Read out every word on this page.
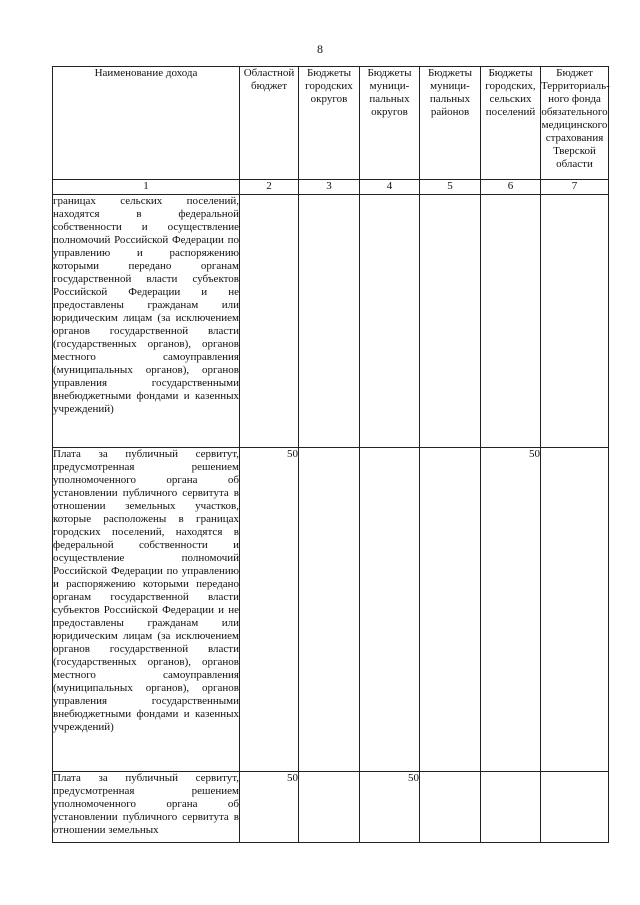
8
Наименование дохода	Областной бюджет	Бюджеты городских округов	Бюджеты муници-пальных округов	Бюджеты муници-пальных районов	Бюджеты городских, сельских поселений	Бюджет Территориаль-ного фонда обязательного медицинского страхования Тверской области
1	2	3	4	5	6	7
границах сельских поселений, находятся в федеральной собственности и осуществление полномочий Российской Федерации по управлению и распоряжению которыми передано органам государственной власти субъектов Российской Федерации и не предоставлены гражданам или юридическим лицам (за исключением органов государственной власти (государственных органов), органов местного самоуправления (муниципальных органов), органов управления государственными внебюджетными фондами и казенных учреждений)						
Плата за публичный сервитут, предусмотренная решением уполномоченного органа об установлении публичного сервитута в отношении земельных участков, которые расположены в границах городских поселений, находятся в федеральной собственности и осуществление полномочий Российской Федерации по управлению и распоряжению которыми передано органам государственной власти субъектов Российской Федерации и не предоставлены гражданам или юридическим лицам (за исключением органов государственной власти (государственных органов), органов местного самоуправления (муниципальных органов), органов управления государственными внебюджетными фондами и казенных учреждений)	50				50	
Плата за публичный сервитут, предусмотренная решением уполномоченного органа об установлении публичного сервитута в отношении земельных	50		50			
